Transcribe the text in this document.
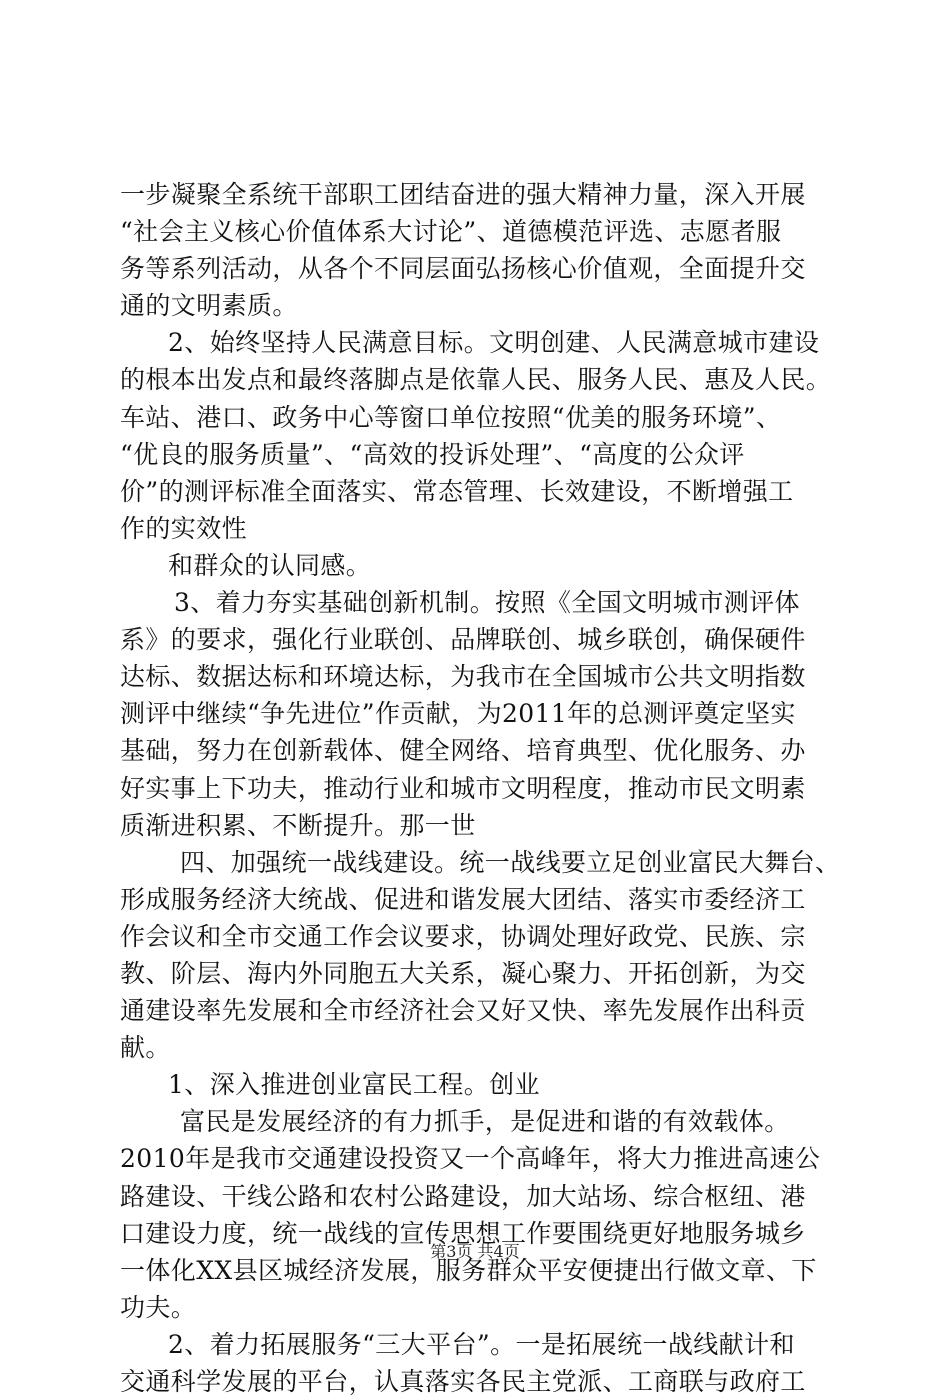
一步凝聚全系统干部职工团结奋进的强大精神力量，深入开展
“社会主义核心价值体系大讨论”、道德模范评选、志愿者服
务等系列活动，从各个不同层面弘扬核心价值观，全面提升交
通的文明素质。
2、始终坚持人民满意目标。文明创建、人民满意城市建设
的根本出发点和最终落脚点是依靠人民、服务人民、惠及人民。
车站、港口、政务中心等窗口单位按照“优美的服务环境”、
“优良的服务质量”、“高效的投诉处理”、“高度的公众评
价”的测评标准全面落实、常态管理、长效建设，不断增强工
作的实效性
和群众的认同感。
3、着力夯实基础创新机制。按照《全国文明城市测评体
系》的要求，强化行业联创、品牌联创、城乡联创，确保硬件
达标、数据达标和环境达标，为我市在全国城市公共文明指数
测评中继续“争先进位”作贡献，为2011年的总测评奠定坚实
基础，努力在创新载体、健全网络、培育典型、优化服务、办
好实事上下功夫，推动行业和城市文明程度，推动市民文明素
质渐进积累、不断提升。那一世
四、加强统一战线建设。统一战线要立足创业富民大舞台、
形成服务经济大统战、促进和谐发展大团结、落实市委经济工
作会议和全市交通工作会议要求，协调处理好政党、民族、宗
教、阶层、海内外同胞五大关系，凝心聚力、开拓创新，为交
通建设率先发展和全市经济社会又好又快、率先发展作出科贡
献。
1、深入推进创业富民工程。创业
富民是发展经济的有力抓手，是促进和谐的有效载体。
2010年是我市交通建设投资又一个高峰年，将大力推进高速公
路建设、干线公路和农村公路建设，加大站场、综合枢纽、港
口建设力度，统一战线的宣传思想工作要围绕更好地服务城乡
一体化XX县区城经济发展，服务群众平安便捷出行做文章、下
功夫。
2、着力拓展服务“三大平台”。一是拓展统一战线献计和
交通科学发展的平台，认真落实各民主党派、工商联与政府工
第3页 共4页
